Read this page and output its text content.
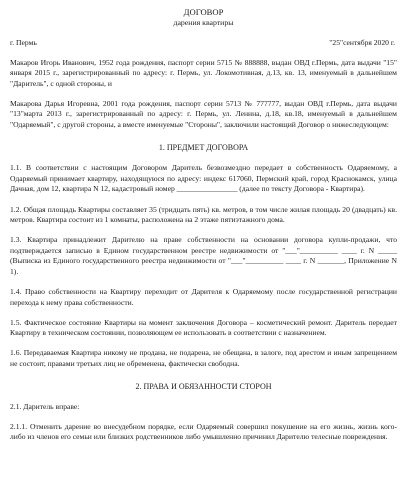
ДОГОВОР
дарения квартиры
г. Пермь	"25"сентября 2020 г.

Макаров Игорь Иванович, 1952 года рождения, паспорт серии 5715 № 888888, выдан ОВД г.Пермь, дата выдачи "15" января 2015 г., зарегистрированный по адресу: г. Пермь, ул. Локомотивная, д.13, кв. 13, именуемый в дальнейшем "Даритель", с одной стороны, и

Макарова Дарья Игоревна, 2001 года рождения, паспорт серии 5713 № 777777, выдан ОВД г.Пермь, дата выдачи "13"марта 2013 г., зарегистрированный по адресу: г. Пермь, ул. Ленина, д.18, кв.18, именуемый в дальнейшем "Одаряемый", с другой стороны, а вместе именуемые "Стороны", заключили настоящий Договор о нижеследующем:

1. ПРЕДМЕТ ДОГОВОРА

1.1. В соответствии с настоящим Договором Даритель безвозмездно передает в собственность Одаряемому, а Одаряемый принимает квартиру, находящуюся по адресу: индекс 617060, Пермский край, город Краснокамск, улица Дачная, дом 12, квартира N 12, кадастровый номер ________________ (далее по тексту Договора - Квартира).

1.2. Общая площадь Квартиры составляет 35 (тридцать пять) кв. метров, в том числе жилая площадь 20 (двадцать) кв. метров. Квартира состоит из 1 комнаты, расположена на 2 этаже пятиэтажного дома.

1.3. Квартира принадлежит Дарителю на праве собственности на основании договора купли-продажи, что подтверждается записью в Едином государственном реестре недвижимости от "___"__________ ____ г. N _____ (Выписка из Единого государственного реестра недвижимости от "___"__________ ____ г. N _______, Приложение N 1).

1.4. Право собственности на Квартиру переходит от Дарителя к Одаряемому после государственной регистрации перехода к нему права собственности.

1.5. Фактическое состояние Квартиры на момент заключения Договора – косметический ремонт. Даритель передает Квартиру в техническом состоянии, позволяющем ее использовать в соответствии с назначением.

1.6. Передаваемая Квартира никому не продана, не подарена, не обещана, в залоге, под арестом и иным запрещением не состоит, правами третьих лиц не обременена, фактически свободна.

2. ПРАВА И ОБЯЗАННОСТИ СТОРОН

2.1. Даритель вправе:

2.1.1. Отменить дарение во внесудебном порядке, если Одаряемый совершил покушение на его жизнь, жизнь кого-либо из членов его семьи или близких родственников либо умышленно причинил Дарителю телесные повреждения.
